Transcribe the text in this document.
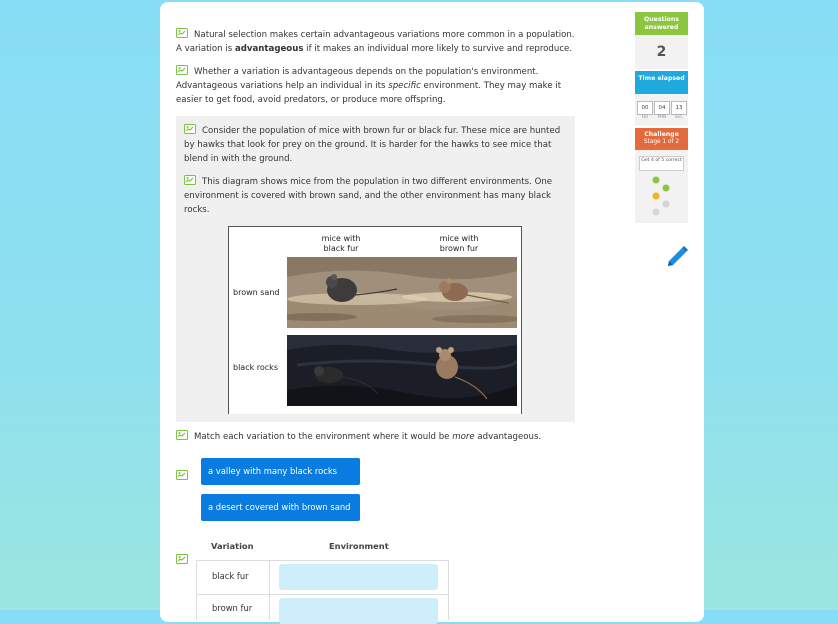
Natural selection makes certain advantageous variations more common in a population. A variation is advantageous if it makes an individual more likely to survive and reproduce.
Whether a variation is advantageous depends on the population's environment. Advantageous variations help an individual in its specific environment. They may make it easier to get food, avoid predators, or produce more offspring.
Consider the population of mice with brown fur or black fur. These mice are hunted by hawks that look for prey on the ground. It is harder for the hawks to see mice that blend in with the ground.
This diagram shows mice from the population in two different environments. One environment is covered with brown sand, and the other environment has many black rocks.
mice with black fur
mice with brown fur
brown sand
black rocks
Match each variation to the environment where it would be more advantageous.
a valley with many black rocks
a desert covered with brown sand
Variation	Environment
black fur
brown fur
Questions answered
2
Time elapsed
00	04	13
HR	MIN	SEC
Challenge
Stage 1 of 2
Get 4 of 5 correct
